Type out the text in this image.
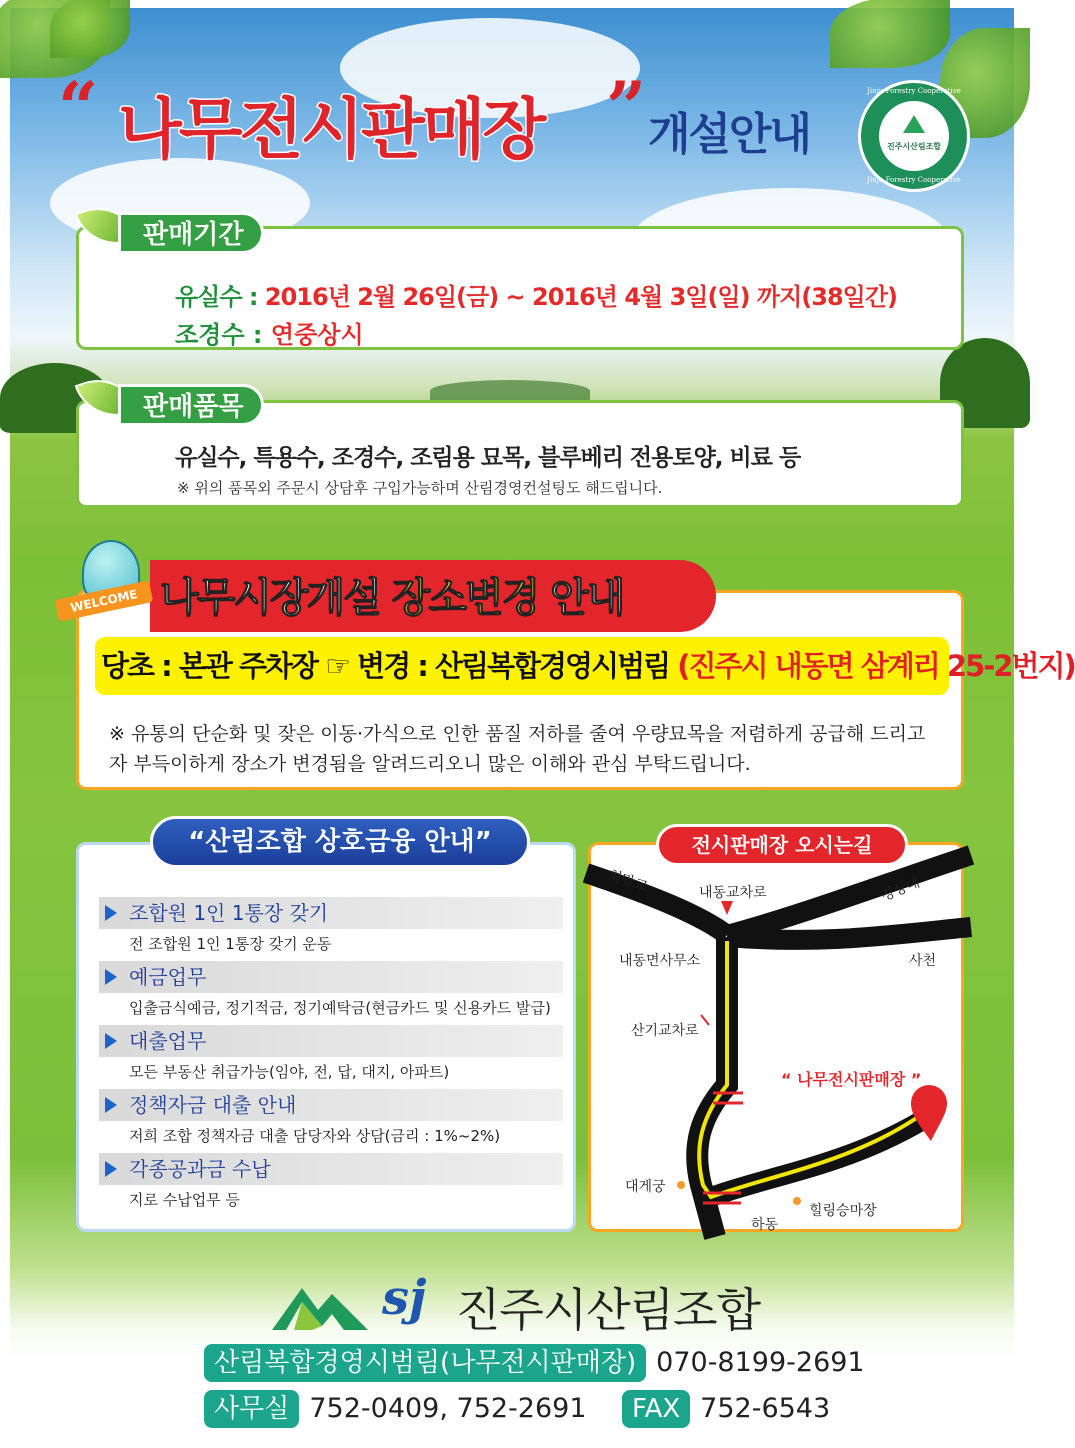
“ 나무전시판매장 ” 개설안내
Jinju Forestry Cooperative
진주시산림조합
Jinju Forestry Cooperative
유실수 : 2016년 2월 26일(금) ~ 2016년 4월 3일(일) 까지(38일간)
조경수 : 연중상시
판매기간
유실수, 특용수, 조경수, 조림용 묘목, 블루베리 전용토양, 비료 등
※ 위의 품목외 주문시 상담후 구입가능하며 산림경영컨설팅도 해드립니다.
판매품목
당초 : 본관 주차장 ☞ 변경 : 산림복합경영시범림 (진주시 내동면 삼계리 25-2번지)
※ 유통의 단순화 및 잦은 이동·가식으로 인한 품질 저하를 줄여 우량묘목을 저렴하게 공급해 드리고자 부득이하게 장소가 변경됨을 알려드리오니 많은 이해와 관심 부탁드립니다.
나무시장개설 장소변경 안내
WELCOME
조합원 1인 1통장 갖기
전 조합원 1인 1통장 갖기 운동
예금업무
입출금식예금, 정기적금, 정기예탁금(현금카드 및 신용카드 발급)
대출업무
모든 부동산 취급가능(임야, 전, 답, 대지, 아파트)
정책자금 대출 안내
저희 조합 정책자금 대출 담당자와 상담(금리 : 1%~2%)
각종공과금 수납
지로 수납업무 등
“산림조합 상호금융 안내”
희망교	내동교차로	경상대
내동면사무소	사천
산기교차로
“ 나무전시판매장 ”
대게궁
힐링승마장
하동
전시판매장 오시는길
sj 진주시산림조합
산림복합경영시범림(나무전시판매장) 070-8199-2691
사무실 752-0409, 752-2691	FAX 752-6543
